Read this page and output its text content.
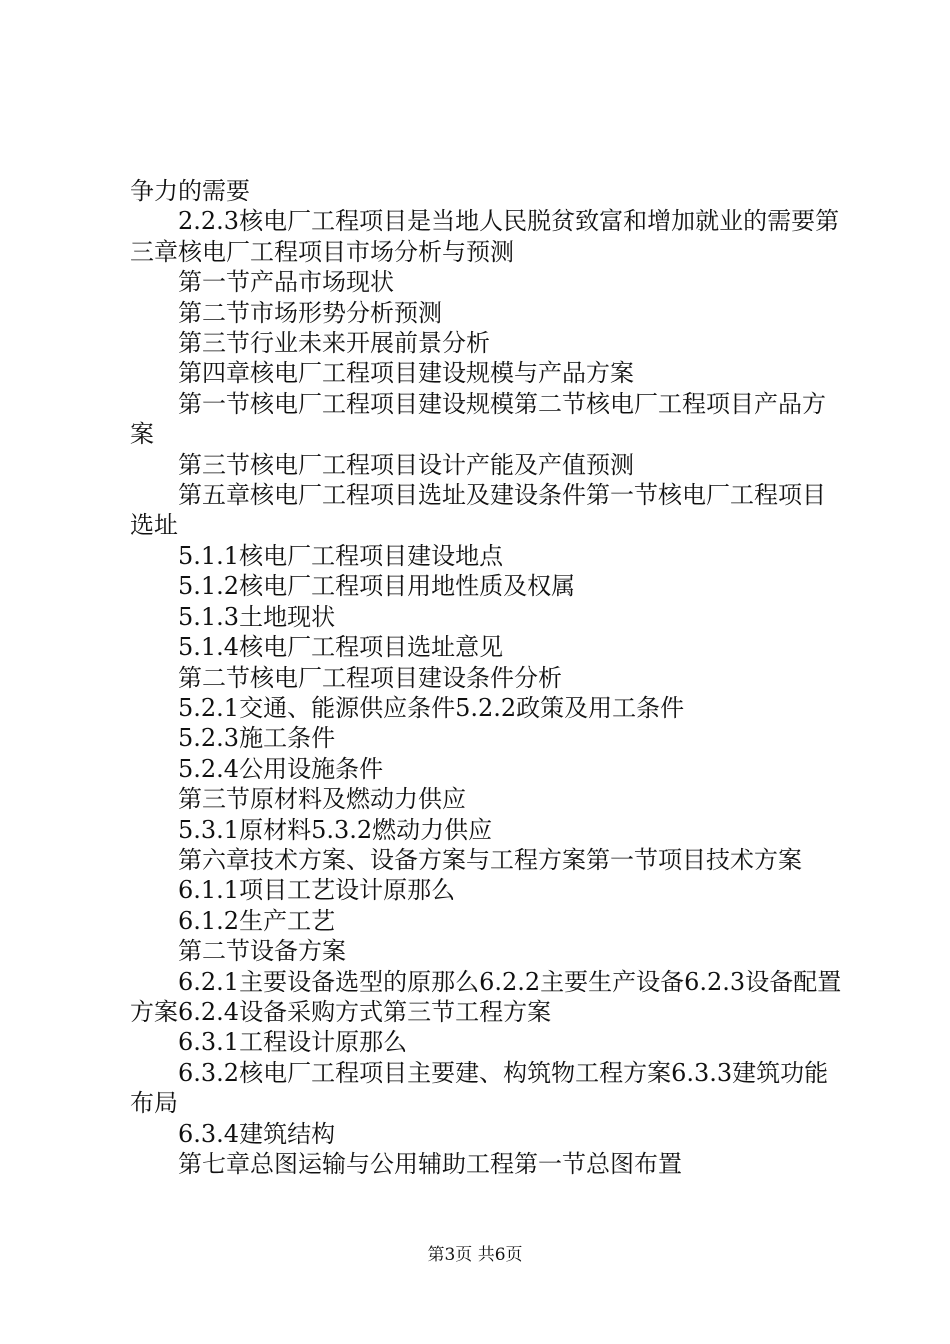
争力的需要

2.2.3核电厂工程项目是当地人民脱贫致富和增加就业的需要第三章核电厂工程项目市场分析与预测

第一节产品市场现状

第二节市场形势分析预测

第三节行业未来开展前景分析

第四章核电厂工程项目建设规模与产品方案

第一节核电厂工程项目建设规模第二节核电厂工程项目产品方案

第三节核电厂工程项目设计产能及产值预测

第五章核电厂工程项目选址及建设条件第一节核电厂工程项目选址

5.1.1核电厂工程项目建设地点

5.1.2核电厂工程项目用地性质及权属

5.1.3土地现状

5.1.4核电厂工程项目选址意见

第二节核电厂工程项目建设条件分析

5.2.1交通、能源供应条件5.2.2政策及用工条件

5.2.3施工条件

5.2.4公用设施条件

第三节原材料及燃动力供应

5.3.1原材料5.3.2燃动力供应

第六章技术方案、设备方案与工程方案第一节项目技术方案

6.1.1项目工艺设计原那么

6.1.2生产工艺

第二节设备方案

6.2.1主要设备选型的原那么6.2.2主要生产设备6.2.3设备配置方案6.2.4设备采购方式第三节工程方案

6.3.1工程设计原那么

6.3.2核电厂工程项目主要建、构筑物工程方案6.3.3建筑功能布局

6.3.4建筑结构

第七章总图运输与公用辅助工程第一节总图布置

第3页 共6页
